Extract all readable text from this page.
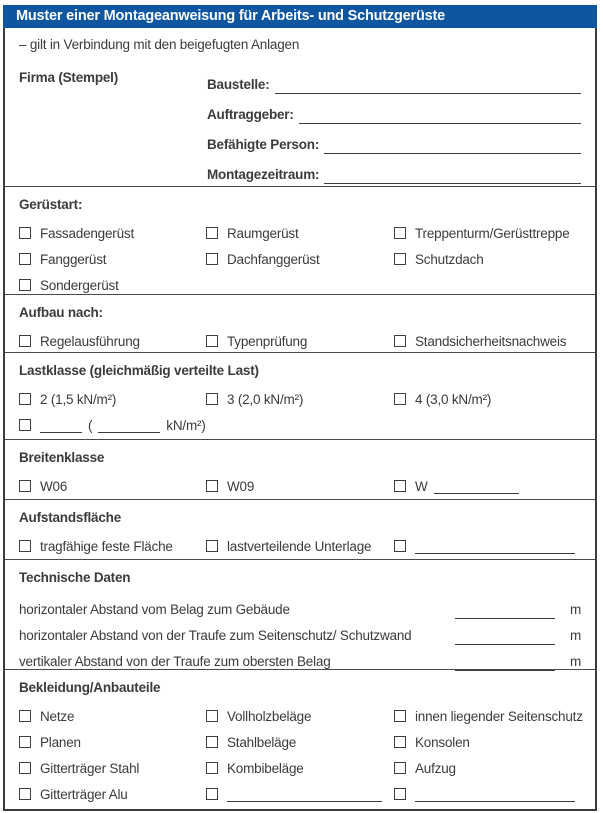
Muster einer Montageanweisung für Arbeits- und Schutzgerüste
– gilt in Verbindung mit den beigefugten Anlagen
Firma (Stempel)	Baustelle:
Auftraggeber:
Befähigte Person:
Montagezeitraum:
Gerüstart:
Fassadengerüst	Raumgerüst	Treppenturm/Gerüsttreppe
Fanggerüst	Dachfanggerüst	Schutzdach
Sondergerüst
Aufbau nach:
Regelausführung	Typenprüfung	Standsicherheitsnachweis
Lastklasse (gleichmäßig verteilte Last)
2 (1,5 kN/m²)	3 (2,0 kN/m²)	4 (3,0 kN/m²)
(	kN/m²)
Breitenklasse
W06	W09	W
Aufstandsfläche
tragfähige feste Fläche	lastverteilende Unterlage
Technische Daten
horizontaler Abstand vom Belag zum Gebäude	m
horizontaler Abstand von der Traufe zum Seitenschutz/ Schutzwand	m
vertikaler Abstand von der Traufe zum obersten Belag	m
Bekleidung/Anbauteile
Netze	Vollholzbeläge	innen liegender Seitenschutz
Planen	Stahlbeläge	Konsolen
Gitterträger Stahl	Kombibeläge	Aufzug
Gitterträger Alu
